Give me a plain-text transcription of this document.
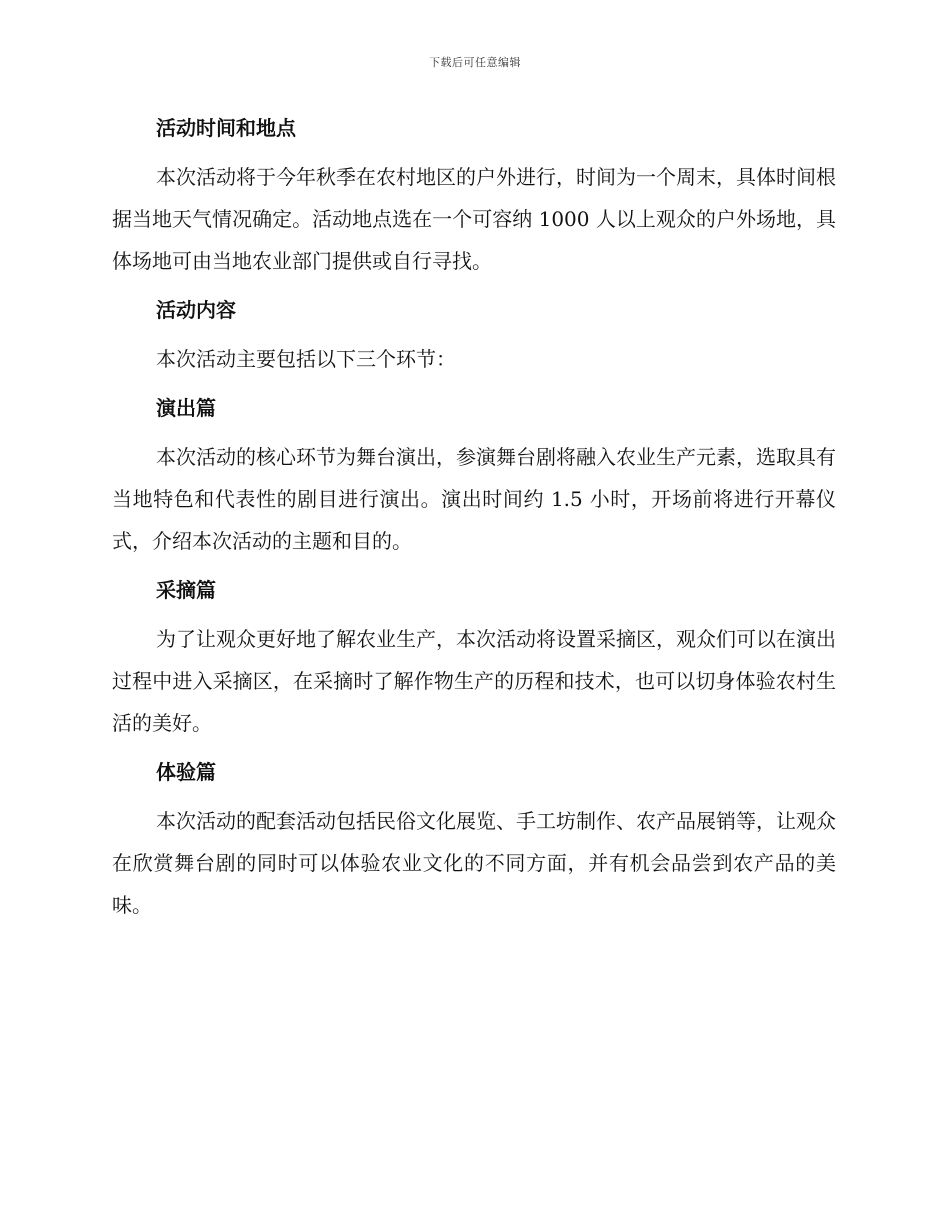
下载后可任意编辑
活动时间和地点

本次活动将于今年秋季在农村地区的户外进行，时间为一个周末，具体时间根据当地天气情况确定。活动地点选在一个可容纳 1000 人以上观众的户外场地，具体场地可由当地农业部门提供或自行寻找。

活动内容

本次活动主要包括以下三个环节：

演出篇

本次活动的核心环节为舞台演出，参演舞台剧将融入农业生产元素，选取具有当地特色和代表性的剧目进行演出。演出时间约 1.5 小时，开场前将进行开幕仪式，介绍本次活动的主题和目的。

采摘篇

为了让观众更好地了解农业生产，本次活动将设置采摘区，观众们可以在演出过程中进入采摘区，在采摘时了解作物生产的历程和技术，也可以切身体验农村生活的美好。

体验篇

本次活动的配套活动包括民俗文化展览、手工坊制作、农产品展销等，让观众在欣赏舞台剧的同时可以体验农业文化的不同方面，并有机会品尝到农产品的美味。
